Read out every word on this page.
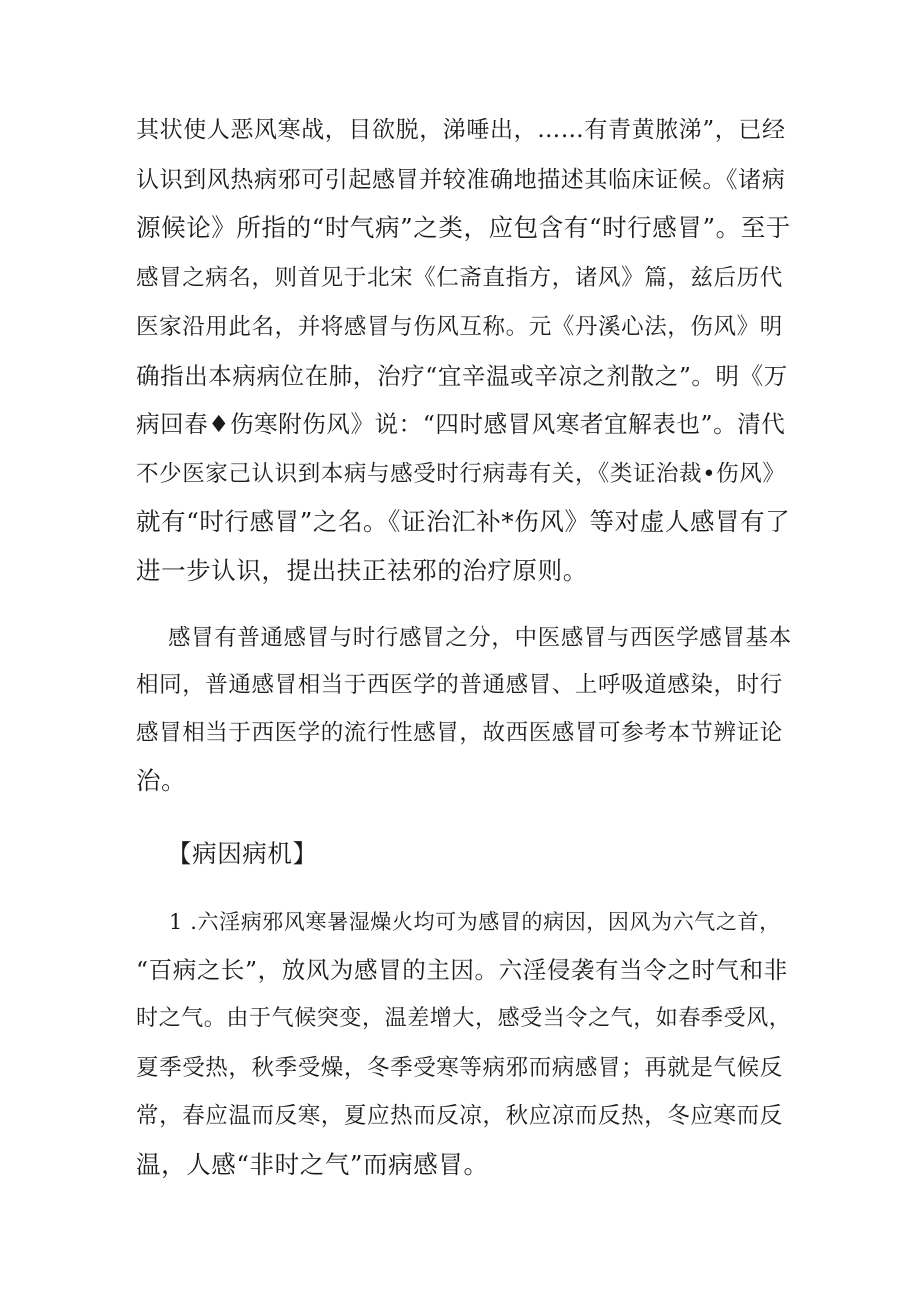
其状使人恶风寒战，目欲脱，涕唾出，……有青黄脓涕”，已经
认识到风热病邪可引起感冒并较准确地描述其临床证候。《诸病
源候论》所指的“时气病”之类，应包含有“时行感冒”。至于
感冒之病名，则首见于北宋《仁斋直指方，诸风》篇，兹后历代
医家沿用此名，并将感冒与伤风互称。元《丹溪心法，伤风》明
确指出本病病位在肺，治疗“宜辛温或辛凉之剂散之”。明《万
病回春♦伤寒附伤风》说：“四时感冒风寒者宜解表也”。清代
不少医家己认识到本病与感受时行病毒有关，《类证治裁•伤风》
就有“时行感冒”之名。《证治汇补*伤风》等对虚人感冒有了
进一步认识，提出扶正祛邪的治疗原则。
感冒有普通感冒与时行感冒之分，中医感冒与西医学感冒基本
相同，普通感冒相当于西医学的普通感冒、上呼吸道感染，时行
感冒相当于西医学的流行性感冒，故西医感冒可参考本节辨证论
治。
【病因病机】
1 .六淫病邪风寒暑湿燥火均可为感冒的病因，因风为六气之首，
“百病之长”，放风为感冒的主因。六淫侵袭有当令之时气和非
时之气。由于气候突变，温差增大，感受当令之气，如春季受风，
夏季受热，秋季受燥，冬季受寒等病邪而病感冒；再就是气候反
常，春应温而反寒，夏应热而反凉，秋应凉而反热，冬应寒而反
温，人感“非时之气”而病感冒。
